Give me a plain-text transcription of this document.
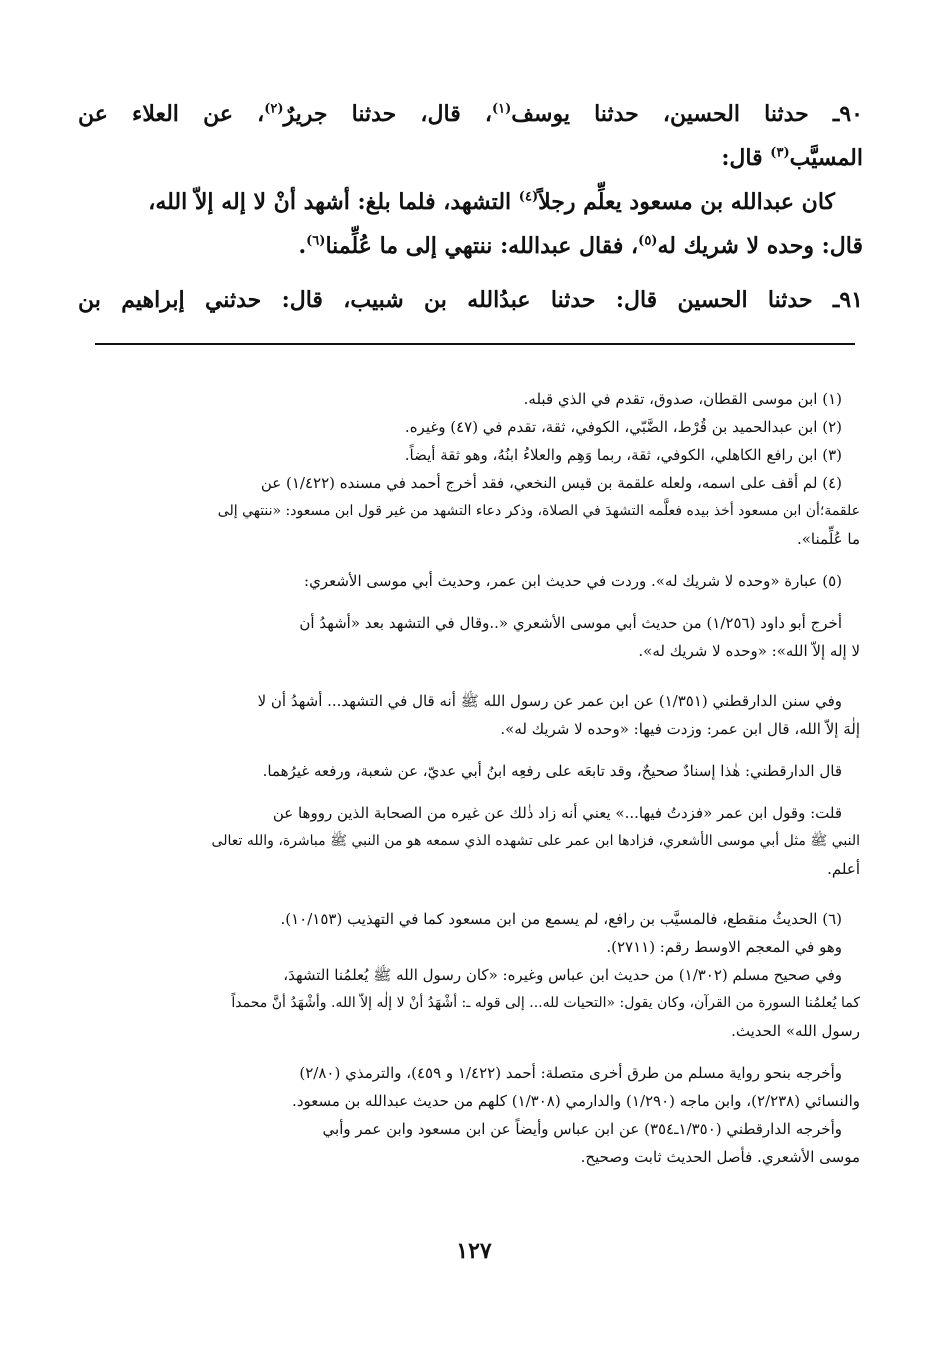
٩٠ـ حدثنا الحسين، حدثنا يوسف$^{(١)}$، قال، حدثنا جريرٌ$^{(٢)}$، عن العلاء عن

المسيَّب$^{(٣)}$ قال:

كان عبدالله بن مسعود يعلِّم رجلاً$^{(٤)}$ التشهد، فلما بلغ: أشهد أنْ لا إله إلاّ الله،

قال: وحده لا شريك له$^{(٥)}$، فقال عبدالله: ننتهي إلى ما عُلِّمنا$^{(٦)}$.

٩١ـ حدثنا الحسين قال: حدثنا عبدُالله بن شبيب، قال: حدثني إبراهيم بن

(١) ابن موسى القطان، صدوق، تقدم في الذي قبله.

(٢) ابن عبدالحميد بن قُرْط، الضَّبّي، الكوفي، ثقة، تقدم في (٤٧) وغيره.

(٣) ابن رافع الكاهلي، الكوفي، ثقة، ربما وَهِم والعلاءُ ابنُهُ، وهو ثقة أيضاً.

(٤) لم أقف على اسمه، ولعله علقمة بن قيس النخعي، فقد أخرج أحمد في مسنده (١/٤٢٢) عن

علقمة؛أن ابن مسعود أخذ بيده فعلَّمه التشهدَ في الصلاة، وذكر دعاء التشهد من غير قول ابن مسعود: «ننتهي إلى

ما عُلِّمنا».

(٥) عبارة «وحده لا شريك له». وردت في حديث ابن عمر، وحديث أبي موسى الأشعري:

أخرج أبو داود (١/٢٥٦) من حديث أبي موسى الأشعري «..وقال في التشهد بعد «أشهدُ أن

لا إله إلاّ الله»: «وحده لا شريك له».

وفي سنن الدارقطني (١/٣٥١) عن ابن عمر عن رسول الله ﷺ أنه قال في التشهد... أشهدُ أن لا

إلٰهَ إلاّ الله، قال ابن عمر: وزدت فيها: «وحده لا شريك له».

قال الدارقطني: هٰذا إسنادٌ صحيحٌ، وقد تابعَه على رفعِه ابنُ أبي عديّ، عن شعبة، ورفعه غيرُهما.

قلت: وقول ابن عمر «فزدتُ فيها...» يعني أنه زاد ذٰلك عن غيره من الصحابة الذين رووها عن

النبي ﷺ مثل أبي موسى الأشعري، فزادها ابن عمر على تشهده الذي سمعه هو من النبي ﷺ مباشرة، والله تعالى

أعلم.

(٦) الحديثُ منقطع، فالمسيَّب بن رافع، لم يسمع من ابن مسعود كما في التهذيب (١٠/١٥٣).

وهو في المعجم الاوسط رقم: (٢٧١١).

وفي صحيح مسلم (١/٣٠٢) من حديث ابن عباس وغيره: «كان رسول الله ﷺ يُعلمُنا التشهدَ،

كما يُعلمُنا السورة من القرآن، وكان يقول: «التحيات لله... إلى قوله ـ: أشْهَدُ أنْ لا إلٰه إلاّ الله. وأشْهَدُ أنَّ محمداً

رسول الله» الحديث.

وأخرجه بنحو رواية مسلم من طرق أخرى متصلة: أحمد (١/٤٢٢ و ٤٥٩)، والترمذي (٢/٨٠)

والنسائي (٢/٢٣٨)، وابن ماجه (١/٢٩٠) والدارمي (١/٣٠٨) كلهم من حديث عبدالله بن مسعود.

وأخرجه الدارقطني (١/٣٥٠ـ٣٥٤) عن ابن عباس وأيضاً عن ابن مسعود وابن عمر وأبي

موسى الأشعري. فأصل الحديث ثابت وصحيح.

١٢٧
